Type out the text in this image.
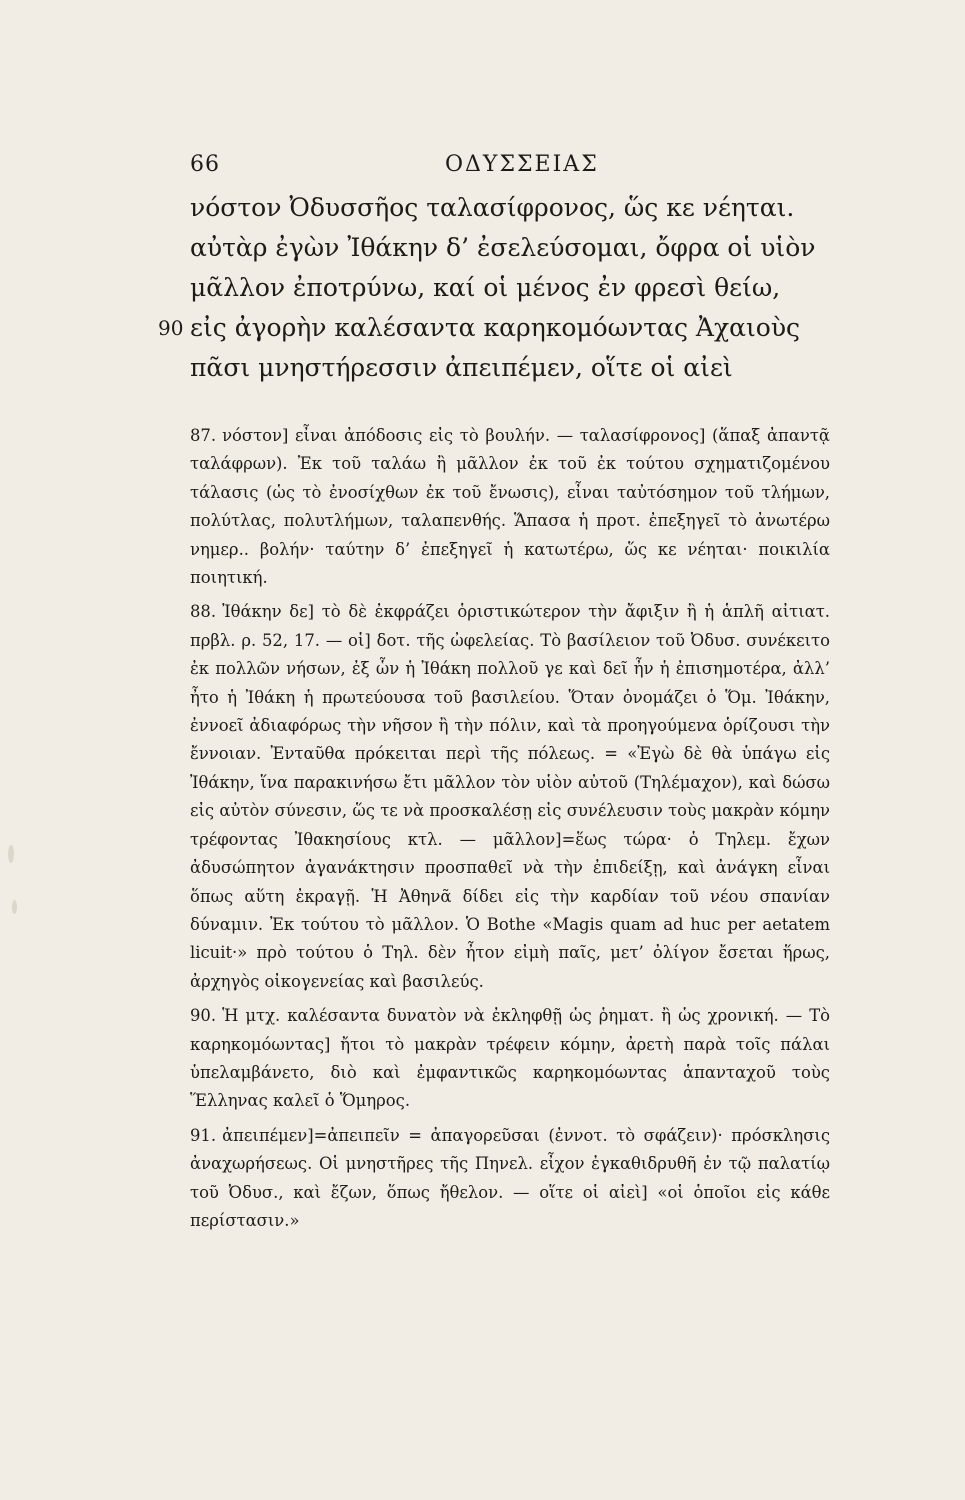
66	ΟΔΥΣΣΕΙΑΣ
νόστον Ὀδυσσῆος ταλασίφρονος, ὥς κε νέηται.
αὐτὰρ ἐγὼν Ἰθάκην δ’ ἐσελεύσομαι, ὄφρα οἱ υἱὸν
μᾶλλον ἐποτρύνω, καί οἱ μένος ἐν φρεσὶ θείω,
90 εἰς ἀγορὴν καλέσαντα καρηκομόωντας Ἀχαιοὺς
πᾶσι μνηστήρεσσιν ἀπειπέμεν, οἵτε οἱ αἰεὶ

87. νόστον] εἶναι ἀπόδοσις εἰς τὸ βουλήν. — ταλασίφρονος] (ἅπαξ ἀπαντᾷ ταλάφρων). Ἐκ τοῦ ταλάω ἢ μᾶλλον ἐκ τοῦ ἐκ τούτου σχηματιζομένου τάλασις (ὡς τὸ ἐνοσίχθων ἐκ τοῦ ἔνωσις), εἶναι ταὐτόσημον τοῦ τλήμων, πολύτλας, πολυτλήμων, ταλαπενθής. Ἅπασα ἡ προτ. ἐπεξηγεῖ τὸ ἀνωτέρω νημερ.. βολήν· ταύτην δ’ ἐπεξηγεῖ ἡ κατωτέρω, ὥς κε νέηται· ποικιλία ποιητική.

88. Ἰθάκην δε] τὸ δὲ ἐκφράζει ὁριστικώτερον τὴν ἄφιξιν ἢ ἡ ἁπλῆ αἰτιατ. πρβλ. ρ. 52, 17. — οἱ] δοτ. τῆς ὠφελείας. Τὸ βασίλειον τοῦ Ὀδυσ. συνέκειτο ἐκ πολλῶν νήσων, ἐξ ὧν ἡ Ἰθάκη πολλοῦ γε καὶ δεῖ ἦν ἡ ἐπισημοτέρα, ἀλλ’ ἦτο ἡ Ἰθάκη ἡ πρωτεύουσα τοῦ βασιλείου. Ὅταν ὀνομάζει ὁ Ὅμ. Ἰθάκην, ἐννοεῖ ἀδιαφόρως τὴν νῆσον ἢ τὴν πόλιν, καὶ τὰ προηγούμενα ὁρίζουσι τὴν ἔννοιαν. Ἐνταῦθα πρόκειται περὶ τῆς πόλεως. = «Ἐγὼ δὲ θὰ ὑπάγω εἰς Ἰθάκην, ἵνα παρακινήσω ἔτι μᾶλλον τὸν υἱὸν αὐτοῦ (Τηλέμαχον), καὶ δώσω εἰς αὐτὸν σύνεσιν, ὥς τε νὰ προσκαλέσῃ εἰς συνέλευσιν τοὺς μακρὰν κόμην τρέφοντας Ἰθακησίους κτλ. — μᾶλλον]=ἕως τώρα· ὁ Τηλεμ. ἔχων ἀδυσώπητον ἀγανάκτησιν προσπαθεῖ νὰ τὴν ἐπιδείξῃ, καὶ ἀνάγκη εἶναι ὅπως αὕτη ἐκραγῇ. Ἡ Ἀθηνᾶ δίδει εἰς τὴν καρδίαν τοῦ νέου σπανίαν δύναμιν. Ἐκ τούτου τὸ μᾶλλον. Ὁ Bothe «Magis quam ad huc per aetatem licuit·» πρὸ τούτου ὁ Τηλ. δὲν ἦτον εἰμὴ παῖς, μετ’ ὀλίγον ἔσεται ἥρως, ἀρχηγὸς οἰκογενείας καὶ βασιλεύς.

90. Ἡ μτχ. καλέσαντα δυνατὸν νὰ ἐκληφθῇ ὡς ῥηματ. ἢ ὡς χρονική. — Τὸ καρηκομόωντας] ἤτοι τὸ μακρὰν τρέφειν κόμην, ἀρετὴ παρὰ τοῖς πάλαι ὑπελαμβάνετο, διὸ καὶ ἐμφαντικῶς καρηκομόωντας ἁπανταχοῦ τοὺς Ἕλληνας καλεῖ ὁ Ὅμηρος.

91. ἀπειπέμεν]=ἀπειπεῖν = ἀπαγορεῦσαι (ἐννοτ. τὸ σφάζειν)· πρόσκλησις ἀναχωρήσεως. Οἱ μνηστῆρες τῆς Πηνελ. εἶχον ἐγκαθιδρυθῆ ἐν τῷ παλατίῳ τοῦ Ὀδυσ., καὶ ἔζων, ὅπως ἤθελον. — οἵτε οἱ αἰεὶ] «οἱ ὁποῖοι εἰς κάθε περίστασιν.»
